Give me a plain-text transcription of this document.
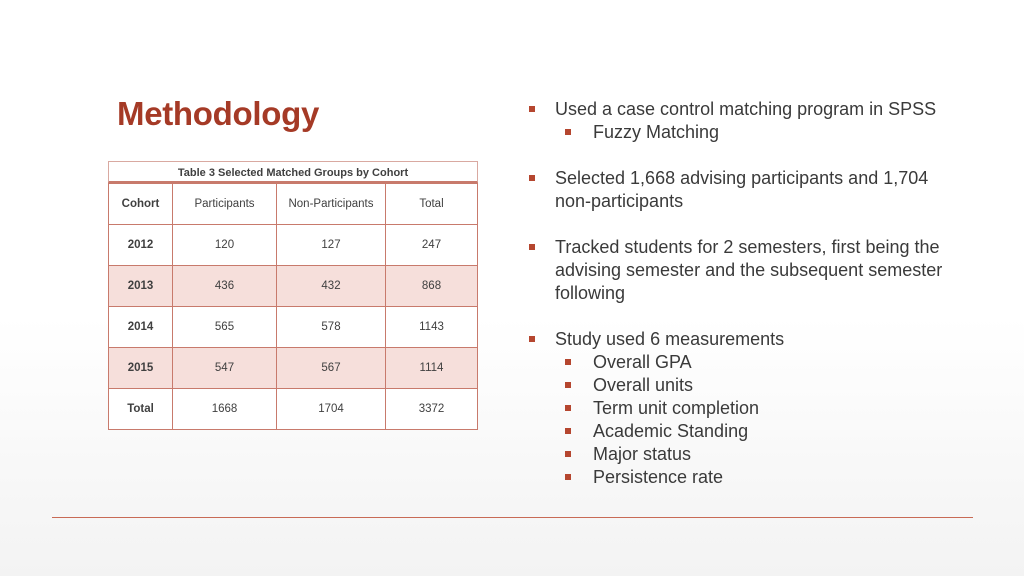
Methodology
Table 3 Selected Matched Groups by Cohort
Cohort	Participants	Non-Participants	Total
2012	120	127	247
2013	436	432	868
2014	565	578	1143
2015	547	567	1114
Total	1668	1704	3372
Used a case control matching program in SPSS
Fuzzy Matching
Selected 1,668 advising participants and 1,704 non-participants
Tracked students for 2 semesters, first being the advising semester and the subsequent semester following
Study used 6 measurements
Overall GPA
Overall units
Term unit completion
Academic Standing
Major status
Persistence rate
